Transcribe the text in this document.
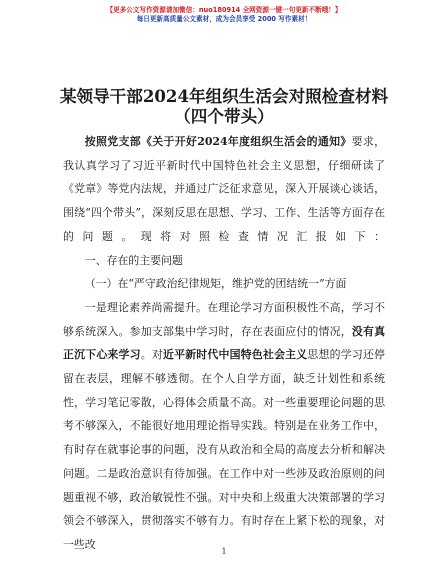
【更多公文写作资源请加微信：nuo180914 全网资源一键一句更新不断哦！】
每日更新高质量公文素材，成为会员享受 2000 写作素材！
某领导干部2024年组织生活会对照检查材料
（四个带头）

按照党支部《关于开好2024年度组织生活会的通知》要求，我认真学习了习近平新时代中国特色社会主义思想，仔细研读了《党章》等党内法规，并通过广泛征求意见，深入开展谈心谈话，围绕“四个带头”，深刻反思在思想、学习、工作、生活等方面存在的问题。现将对照检查情况汇报如下：

一、存在的主要问题

（一）在“严守政治纪律规矩，维护党的团结统一”方面

一是理论素养尚需提升。在理论学习方面积极性不高，学习不够系统深入。参加支部集中学习时，存在表面应付的情况，没有真正沉下心来学习。对近平新时代中国特色社会主义思想的学习还停留在表层，理解不够透彻。在个人自学方面，缺乏计划性和系统性，学习笔记零散，心得体会质量不高。对一些重要理论问题的思考不够深入，不能很好地用理论指导实践。特别是在业务工作中，有时存在就事论事的问题，没有从政治和全局的高度去分析和解决问题。二是政治意识有待加强。在工作中对一些涉及政治原则的问题重视不够，政治敏锐性不强。对中央和上级重大决策部署的学习领会不够深入，贯彻落实不够有力。有时存在上紧下松的现象，对一些改

1
